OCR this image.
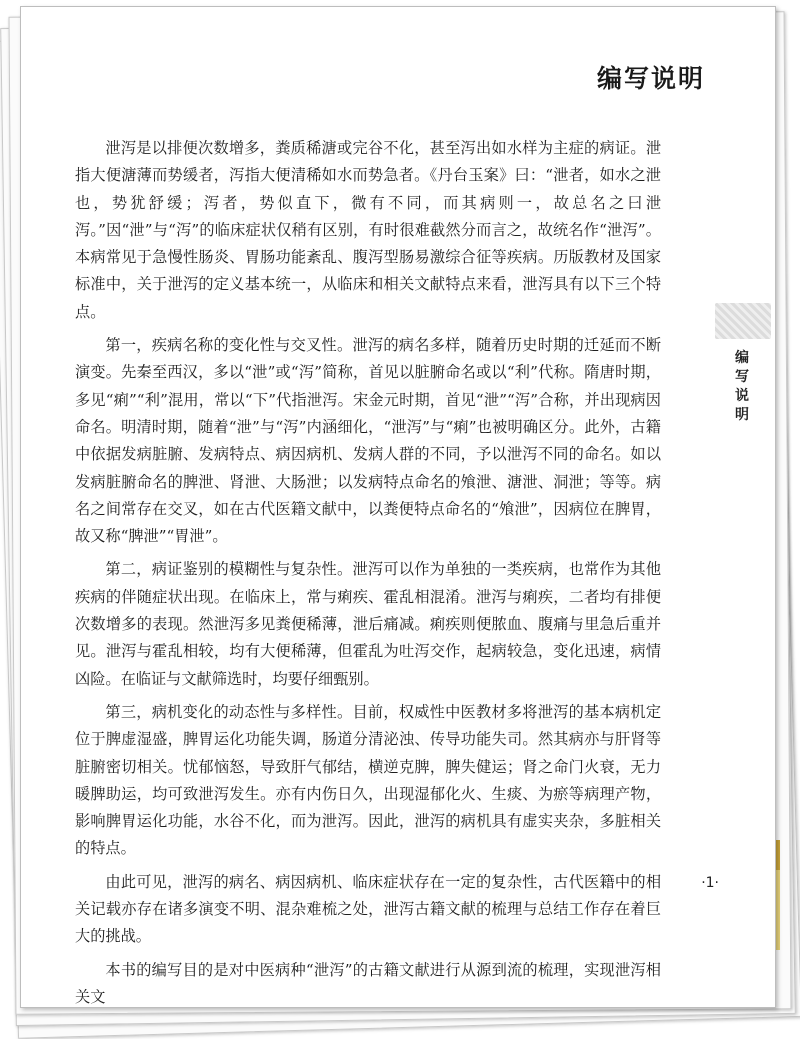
编写说明

泄泻是以排便次数增多，粪质稀溏或完谷不化，甚至泻出如水样为主症的病证。泄指大便溏薄而势缓者，泻指大便清稀如水而势急者。《丹台玉案》曰：“泄者，如水之泄也，势犹舒缓；泻者，势似直下，微有不同，而其病则一，故总名之曰泄泻。”因“泄”与“泻”的临床症状仅稍有区别，有时很难截然分而言之，故统名作“泄泻”。本病常见于急慢性肠炎、胃肠功能紊乱、腹泻型肠易激综合征等疾病。历版教材及国家标准中，关于泄泻的定义基本统一，从临床和相关文献特点来看，泄泻具有以下三个特点。

第一，疾病名称的变化性与交叉性。泄泻的病名多样，随着历史时期的迁延而不断演变。先秦至西汉，多以“泄”或“泻”简称，首见以脏腑命名或以“利”代称。隋唐时期，多见“痢”“利”混用，常以“下”代指泄泻。宋金元时期，首见“泄”“泻”合称，并出现病因命名。明清时期，随着“泄”与“泻”内涵细化，“泄泻”与“痢”也被明确区分。此外，古籍中依据发病脏腑、发病特点、病因病机、发病人群的不同，予以泄泻不同的命名。如以发病脏腑命名的脾泄、肾泄、大肠泄；以发病特点命名的飧泄、溏泄、洞泄；等等。病名之间常存在交叉，如在古代医籍文献中，以粪便特点命名的“飧泄”，因病位在脾胃，故又称“脾泄”“胃泄”。

第二，病证鉴别的模糊性与复杂性。泄泻可以作为单独的一类疾病，也常作为其他疾病的伴随症状出现。在临床上，常与痢疾、霍乱相混淆。泄泻与痢疾，二者均有排便次数增多的表现。然泄泻多见粪便稀薄，泄后痛减。痢疾则便脓血、腹痛与里急后重并见。泄泻与霍乱相较，均有大便稀薄，但霍乱为吐泻交作，起病较急，变化迅速，病情凶险。在临证与文献筛选时，均要仔细甄别。

第三，病机变化的动态性与多样性。目前，权威性中医教材多将泄泻的基本病机定位于脾虚湿盛，脾胃运化功能失调，肠道分清泌浊、传导功能失司。然其病亦与肝肾等脏腑密切相关。忧郁恼怒，导致肝气郁结，横逆克脾，脾失健运；肾之命门火衰，无力暖脾助运，均可致泄泻发生。亦有内伤日久，出现湿郁化火、生痰、为瘀等病理产物，影响脾胃运化功能，水谷不化，而为泄泻。因此，泄泻的病机具有虚实夹杂，多脏相关的特点。

由此可见，泄泻的病名、病因病机、临床症状存在一定的复杂性，古代医籍中的相关记载亦存在诸多演变不明、混杂难梳之处，泄泻古籍文献的梳理与总结工作存在着巨大的挑战。

本书的编写目的是对中医病种“泄泻”的古籍文献进行从源到流的梳理，实现泄泻相关文

编写说明
·1·
